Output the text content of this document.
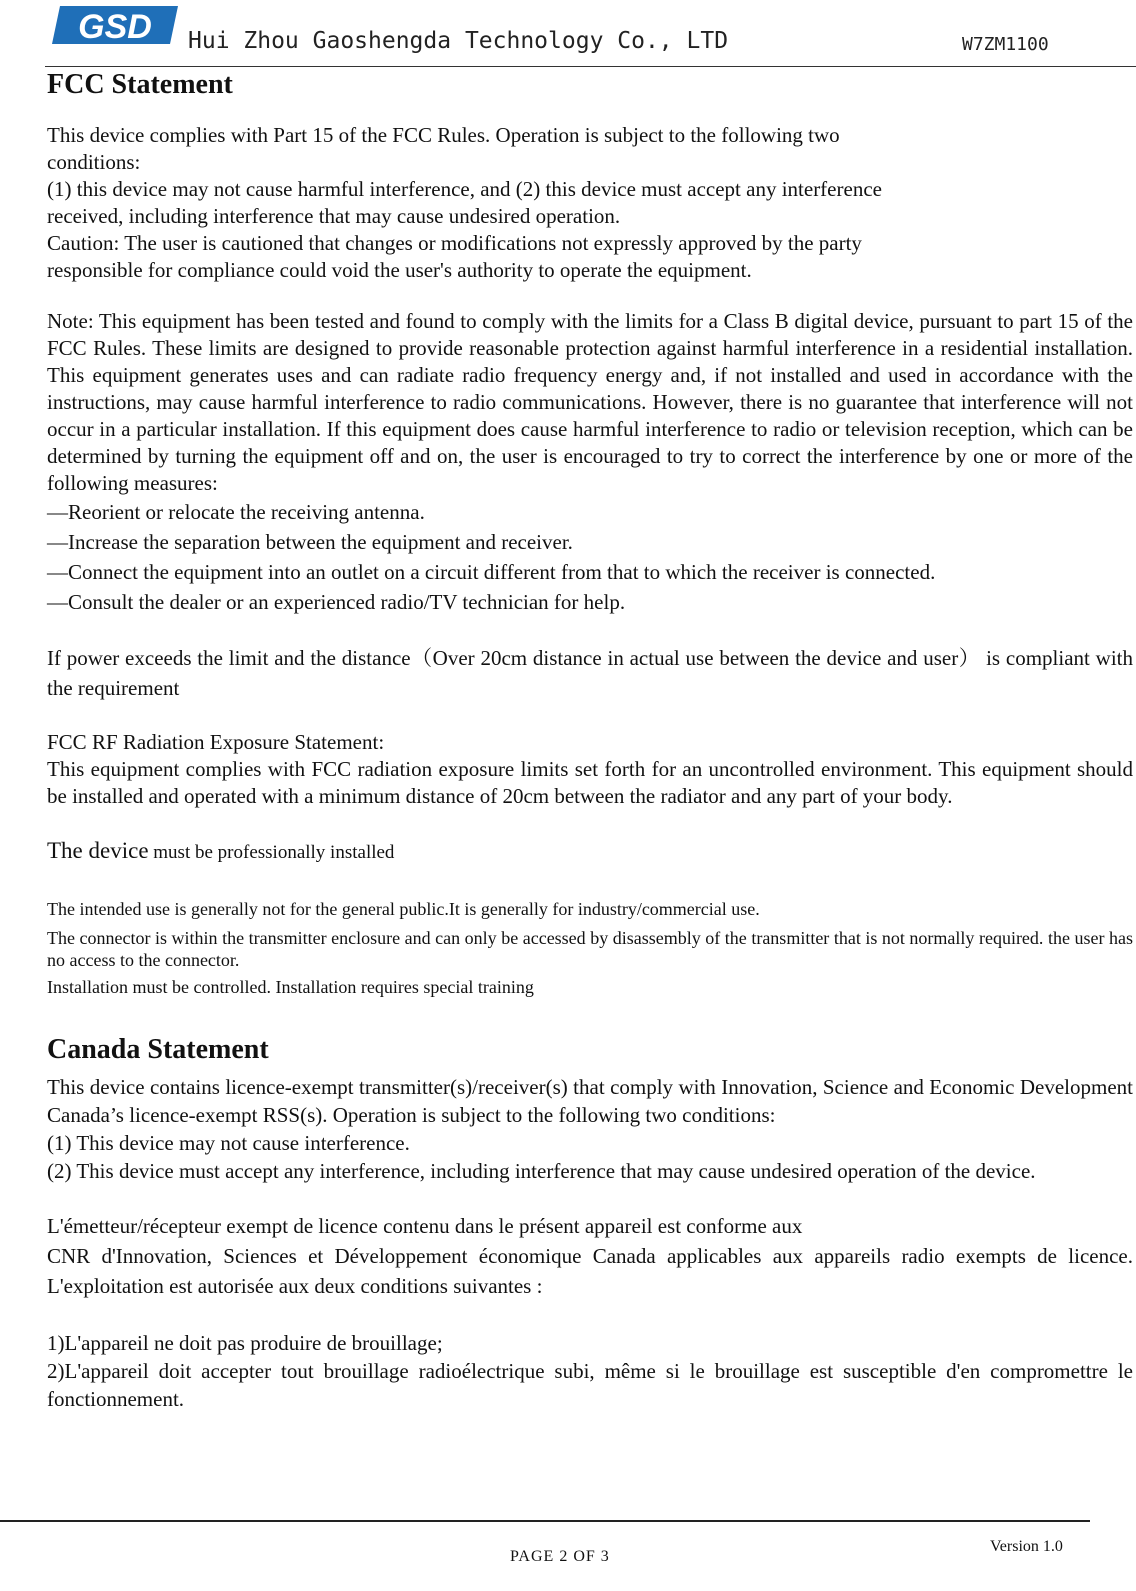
GSD Hui Zhou Gaoshengda Technology Co., LTD	W7ZM1100
FCC Statement
This device complies with Part 15 of the FCC Rules. Operation is subject to the following two
conditions:
(1) this device may not cause harmful interference, and (2) this device must accept any interference
received, including interference that may cause undesired operation.
Caution: The user is cautioned that changes or modifications not expressly approved by the party
responsible for compliance could void the user's authority to operate the equipment.

Note: This equipment has been tested and found to comply with the limits for a Class B digital device, pursuant to part 15 of the FCC Rules. These limits are designed to provide reasonable protection against harmful interference in a residential installation. This equipment generates uses and can radiate radio frequency energy and, if not installed and used in accordance with the instructions, may cause harmful interference to radio communications. However, there is no guarantee that interference will not occur in a particular installation. If this equipment does cause harmful interference to radio or television reception, which can be determined by turning the equipment off and on, the user is encouraged to try to correct the interference by one or more of the following measures:

—Reorient or relocate the receiving antenna.
—Increase the separation between the equipment and receiver.
—Connect the equipment into an outlet on a circuit different from that to which the receiver is connected.
—Consult the dealer or an experienced radio/TV technician for help.

If power exceeds the limit and the distance（Over 20cm distance in actual use between the device and user） is compliant with the requirement

FCC RF Radiation Exposure Statement:
This equipment complies with FCC radiation exposure limits set forth for an uncontrolled environment. This equipment should be installed and operated with a minimum distance of 20cm between the radiator and any part of your body.

The device must be professionally installed

The intended use is generally not for the general public.It is generally for industry/commercial use.

The connector is within the transmitter enclosure and can only be accessed by disassembly of the transmitter that is not normally required. the user has no access to the connector.

Installation must be controlled. Installation requires special training

Canada Statement
This device contains licence-exempt transmitter(s)/receiver(s) that comply with Innovation, Science and Economic Development Canada’s licence-exempt RSS(s). Operation is subject to the following two conditions:
(1) This device may not cause interference.
(2) This device must accept any interference, including interference that may cause undesired operation of the device.
L'émetteur/récepteur exempt de licence contenu dans le présent appareil est conforme aux
CNR d'Innovation, Sciences et Développement économique Canada applicables aux appareils radio exempts de licence. L'exploitation est autorisée aux deux conditions suivantes :
1)L'appareil ne doit pas produire de brouillage;
2)L'appareil doit accepter tout brouillage radioélectrique subi, même si le brouillage est susceptible d'en compromettre le fonctionnement.
PAGE 2 OF 3
Version 1.0
